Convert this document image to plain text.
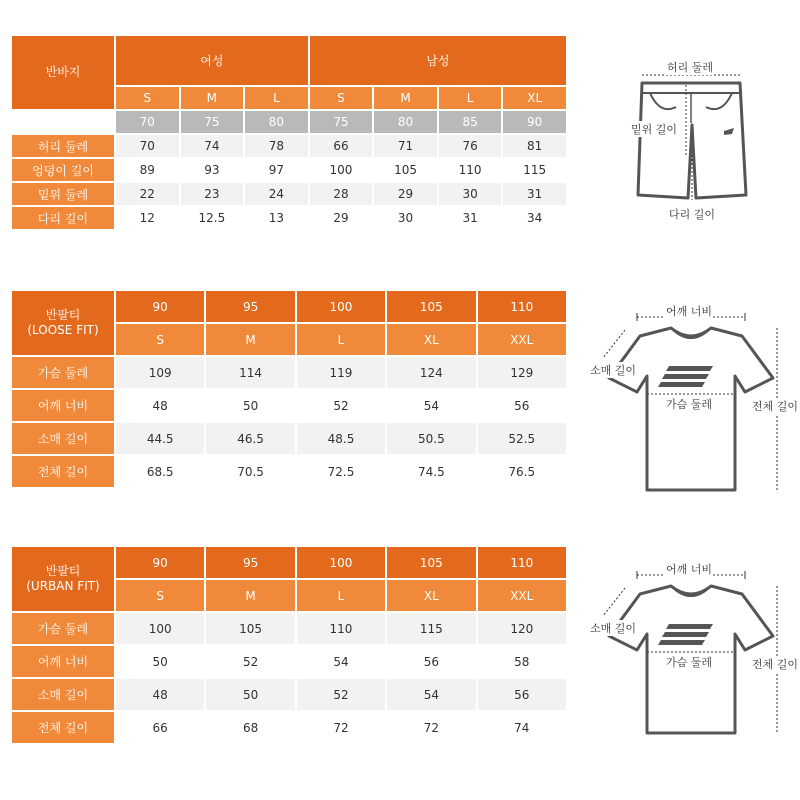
반바지	여성			남성			
	S	M	L	S	M	L	XL
	70	75	80	75	80	85	90
허리 둘레	70	74	78	66	71	76	81
엉덩이 길이	89	93	97	100	105	110	115
밑위 둘레	22	23	24	28	29	30	31
다리 길이	12	12.5	13	29	30	31	34
허리 둘레
밑위 길이
다리 길이
반팔티
(LOOSE FIT)	90	95	100	105	110
	S	M	L	XL	XXL
가슴 둘레	109	114	119	124	129
어깨 너비	48	50	52	54	56
소매 길이	44.5	46.5	48.5	50.5	52.5
전체 길이	68.5	70.5	72.5	74.5	76.5
어깨 너비
소매 길이
가슴 둘레	전체 길이
반팔티
(URBAN FIT)	90	95	100	105	110
	S	M	L	XL	XXL
가슴 둘레	100	105	110	115	120
어깨 너비	50	52	54	56	58
소매 길이	48	50	52	54	56
전체 길이	66	68	72	72	74
어깨 너비
소매 길이
가슴 둘레	전체 길이
